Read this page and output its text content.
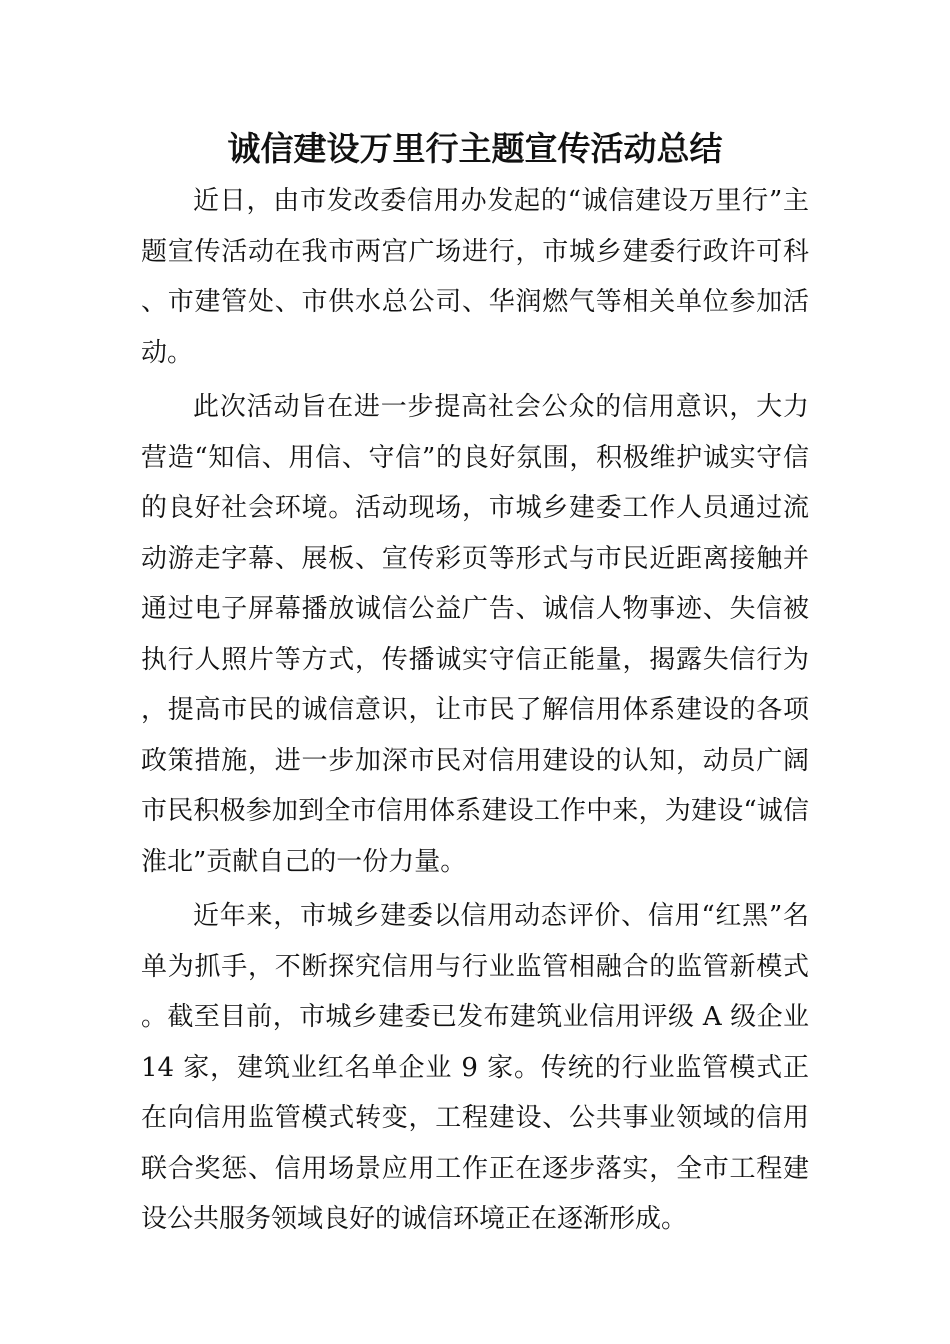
诚信建设万里行主题宣传活动总结

近日，由市发改委信用办发起的“诚信建设万里行”主题宣传活动在我市两宫广场进行，市城乡建委行政许可科、市建管处、市供水总公司、华润燃气等相关单位参加活动。

此次活动旨在进一步提高社会公众的信用意识，大力营造“知信、用信、守信”的良好氛围，积极维护诚实守信的良好社会环境。活动现场，市城乡建委工作人员通过流动游走字幕、展板、宣传彩页等形式与市民近距离接触并通过电子屏幕播放诚信公益广告、诚信人物事迹、失信被执行人照片等方式，传播诚实守信正能量，揭露失信行为，提高市民的诚信意识，让市民了解信用体系建设的各项政策措施，进一步加深市民对信用建设的认知，动员广阔市民积极参加到全市信用体系建设工作中来，为建设“诚信淮北”贡献自己的一份力量。

近年来，市城乡建委以信用动态评价、信用“红黑”名单为抓手，不断探究信用与行业监管相融合的监管新模式。截至目前，市城乡建委已发布建筑业信用评级 A 级企业 14 家，建筑业红名单企业 9 家。传统的行业监管模式正在向信用监管模式转变，工程建设、公共事业领域的信用联合奖惩、信用场景应用工作正在逐步落实，全市工程建设公共服务领域良好的诚信环境正在逐渐形成。
